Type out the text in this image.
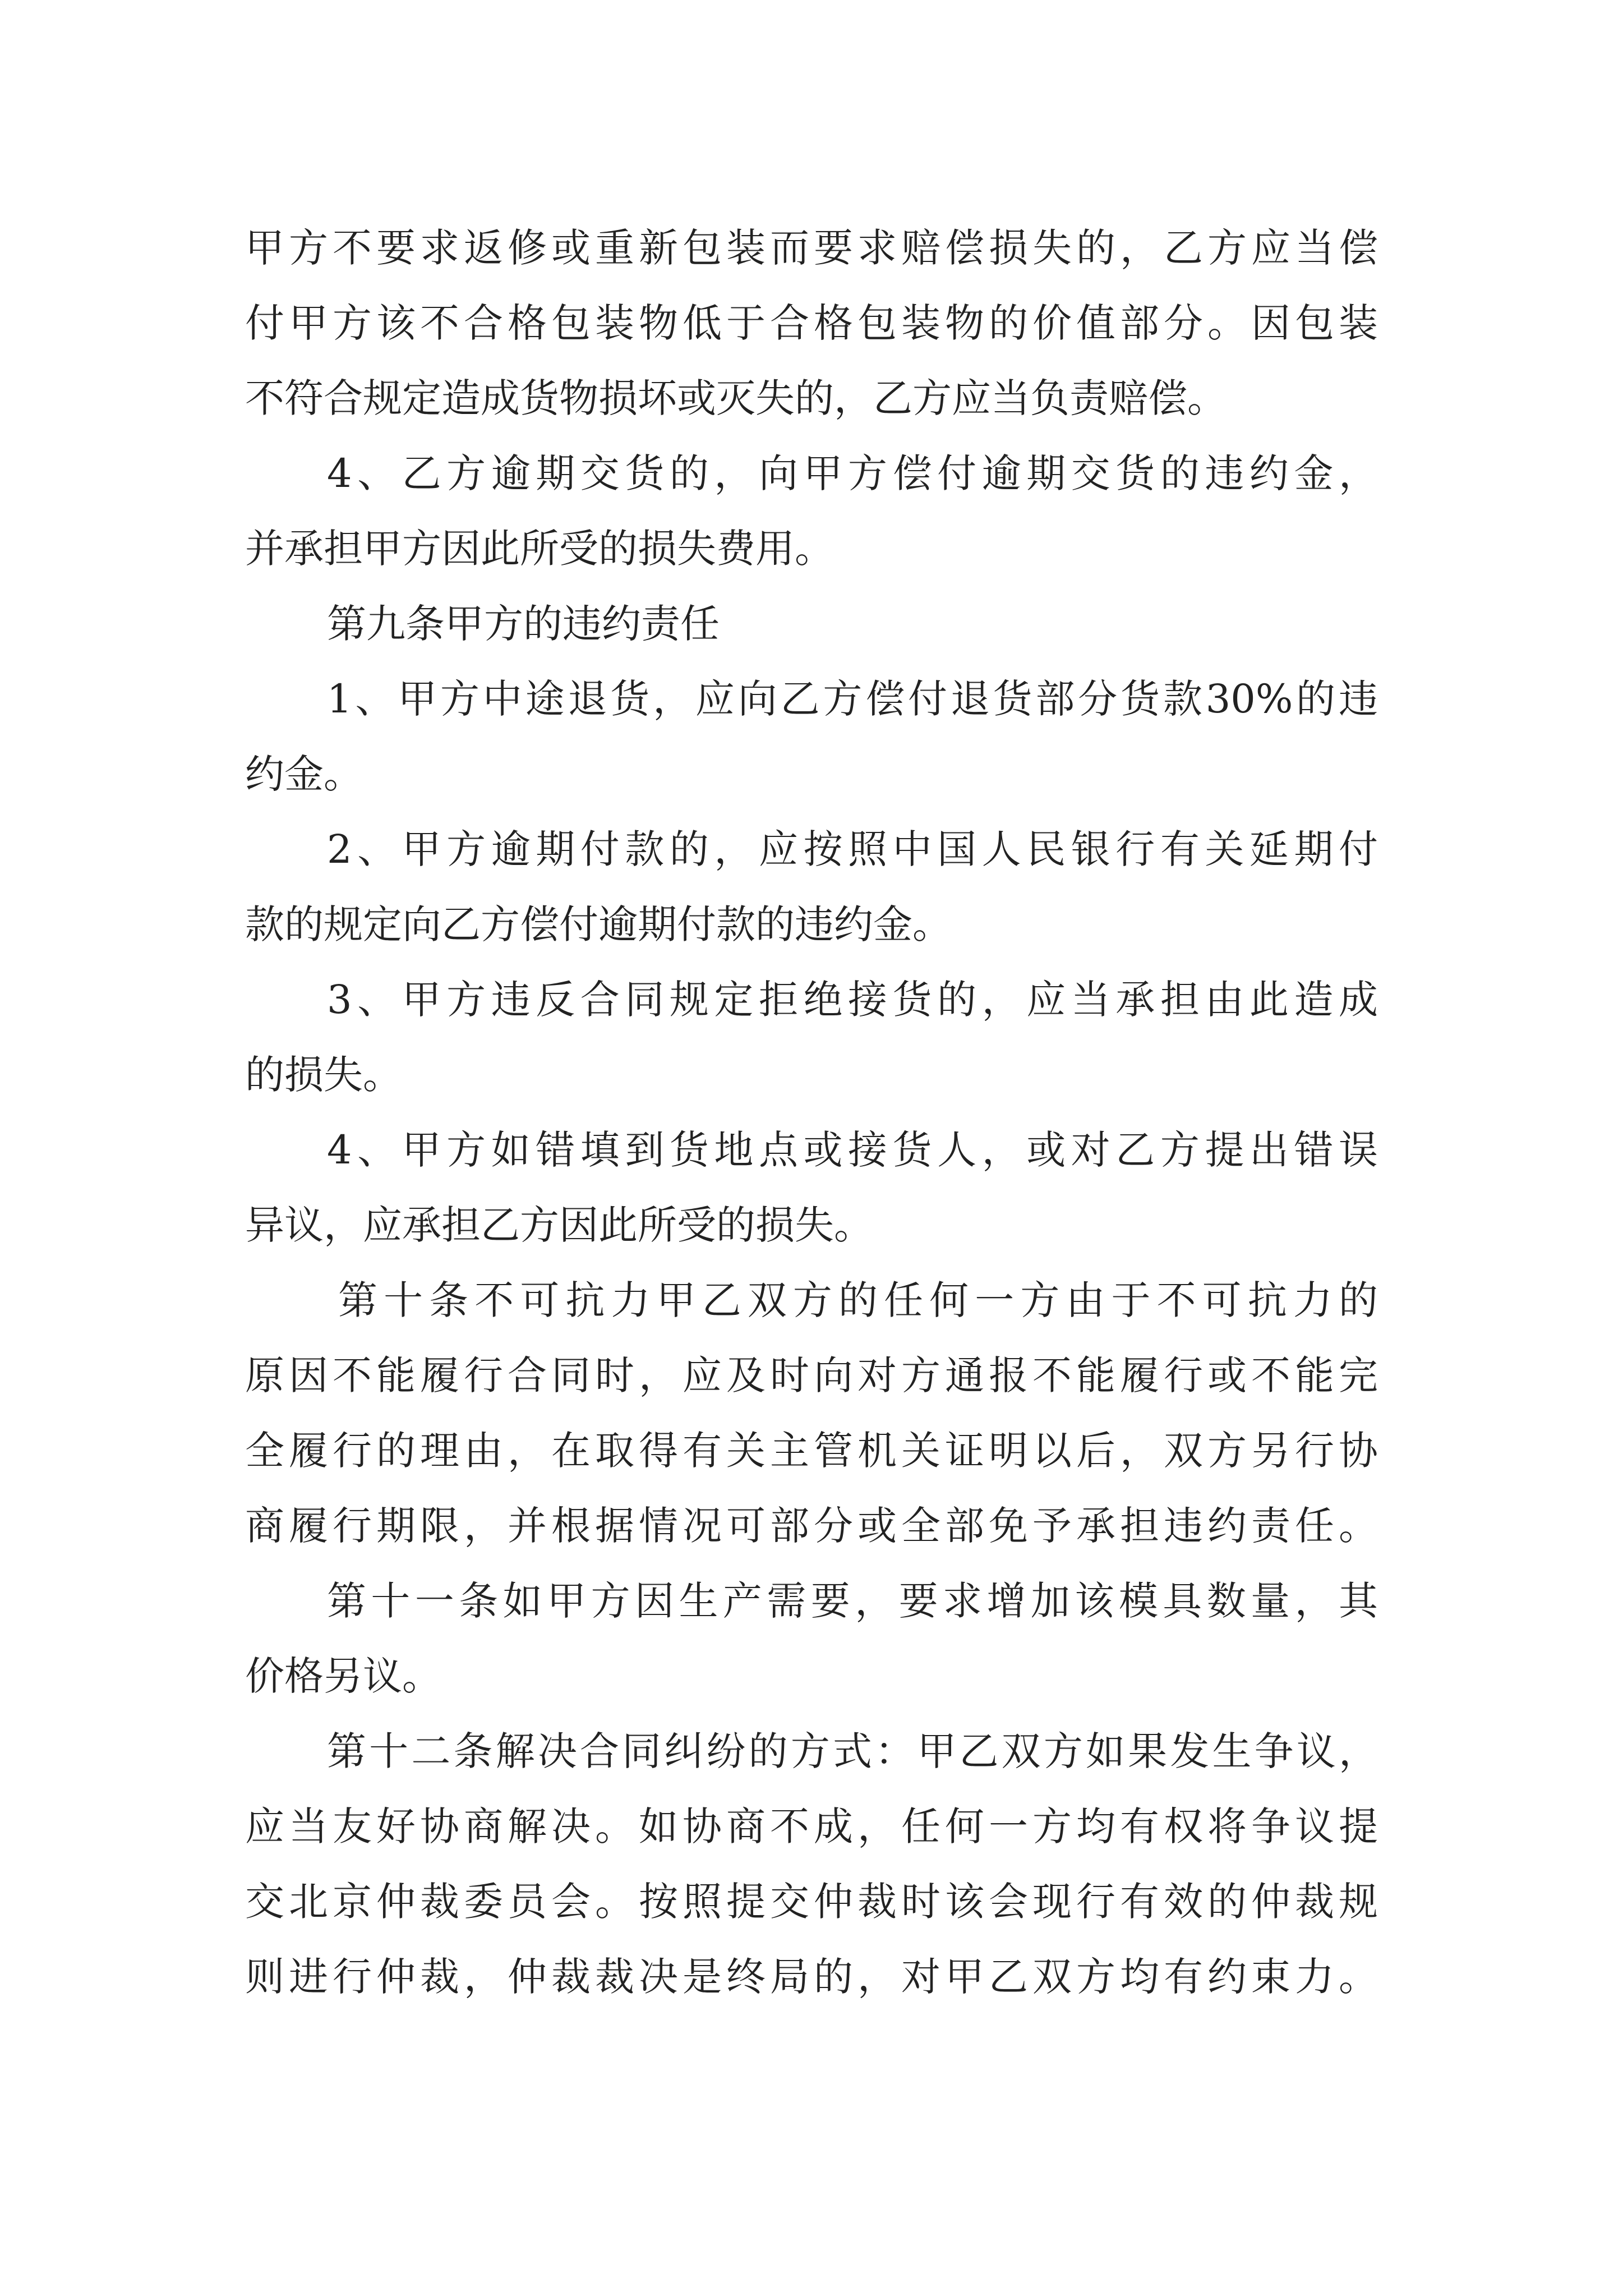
甲方不要求返修或重新包装而要求赔偿损失的，乙方应当偿
付甲方该不合格包装物低于合格包装物的价值部分。因包装
不符合规定造成货物损坏或灭失的，乙方应当负责赔偿。
4、乙方逾期交货的，向甲方偿付逾期交货的违约金，
并承担甲方因此所受的损失费用。
第九条甲方的违约责任
1、甲方中途退货，应向乙方偿付退货部分货款30%的违
约金。
2、甲方逾期付款的，应按照中国人民银行有关延期付
款的规定向乙方偿付逾期付款的违约金。
3、甲方违反合同规定拒绝接货的，应当承担由此造成
的损失。
4、甲方如错填到货地点或接货人，或对乙方提出错误
异议，应承担乙方因此所受的损失。
第十条不可抗力甲乙双方的任何一方由于不可抗力的
原因不能履行合同时，应及时向对方通报不能履行或不能完
全履行的理由，在取得有关主管机关证明以后，双方另行协
商履行期限，并根据情况可部分或全部免予承担违约责任。
第十一条如甲方因生产需要，要求增加该模具数量，其
价格另议。
第十二条解决合同纠纷的方式：甲乙双方如果发生争议，
应当友好协商解决。如协商不成，任何一方均有权将争议提
交北京仲裁委员会。按照提交仲裁时该会现行有效的仲裁规
则进行仲裁，仲裁裁决是终局的，对甲乙双方均有约束力。
